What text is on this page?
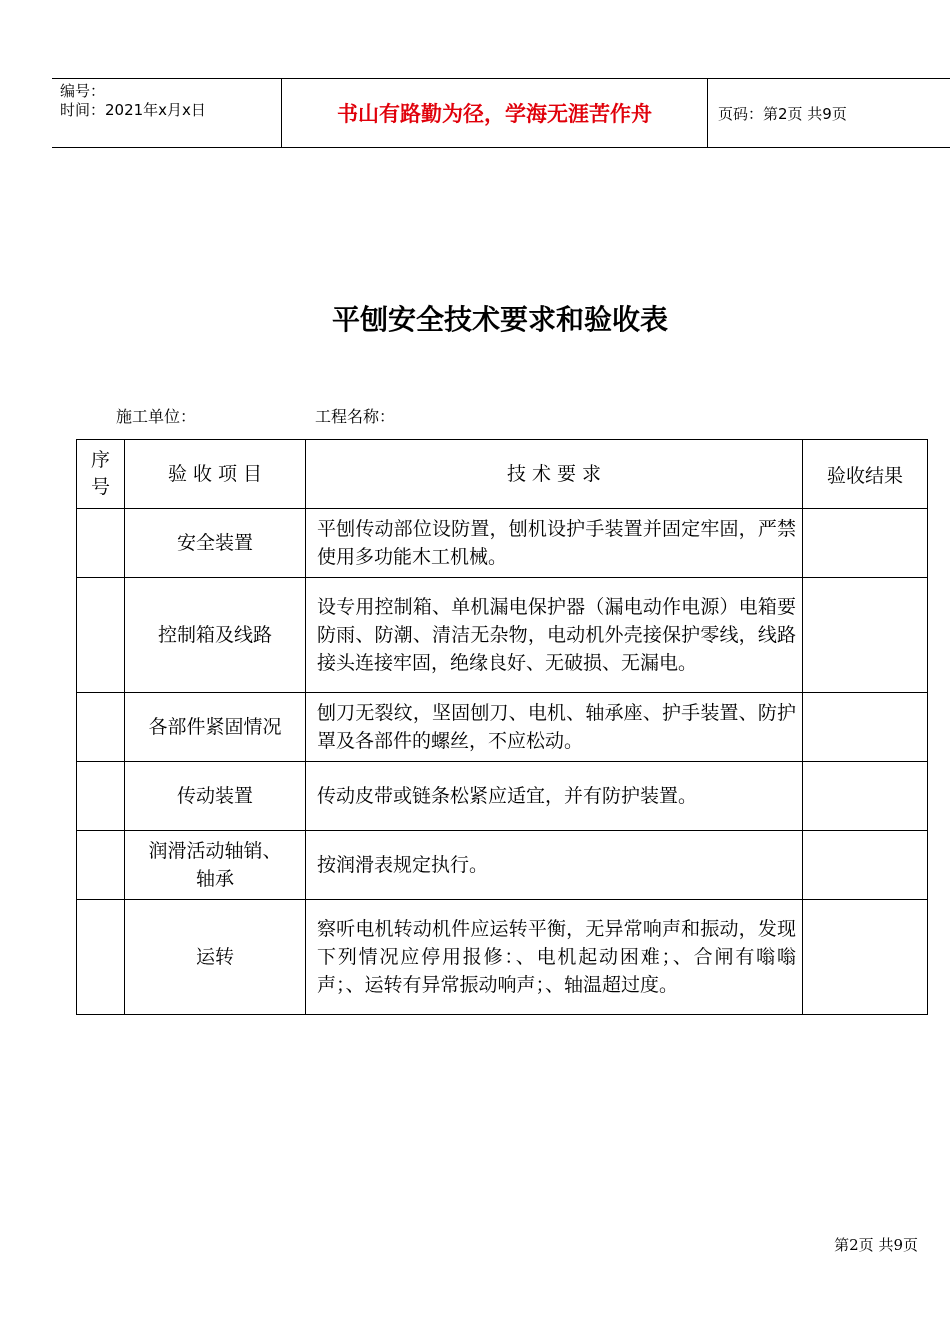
编号：
时间：2021年x月x日	书山有路勤为径，学海无涯苦作舟	页码：第2页 共9页
平刨安全技术要求和验收表
施工单位：	工程名称：
序
号	验 收 项 目	技 术 要 求	验收结果
	安全装置	平刨传动部位设防置，刨机设护手装置并固定牢固，严禁使用多功能木工机械。	
	控制箱及线路	设专用控制箱、单机漏电保护器（漏电动作电源）电箱要防雨、防潮、清洁无杂物，电动机外壳接保护零线，线路接头连接牢固，绝缘良好、无破损、无漏电。	
	各部件紧固情况	刨刀无裂纹，坚固刨刀、电机、轴承座、护手装置、防护罩及各部件的螺丝，不应松动。	
	传动装置	传动皮带或链条松紧应适宜，并有防护装置。	
	润滑活动轴销、轴承	按润滑表规定执行。	
	运转	察听电机转动机件应运转平衡，无异常响声和振动，发现下列情况应停用报修：、电机起动困难；、合闸有嗡嗡声；、运转有异常振动响声；、轴温超过度。	
第2页 共9页
